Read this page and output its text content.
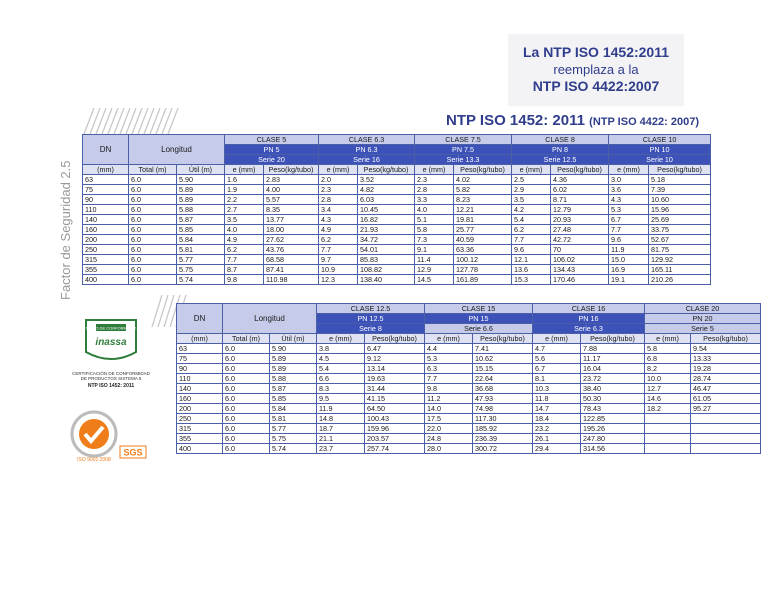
La NTP ISO 1452:2011
reemplaza a la
NTP ISO 4422:2007
NTP ISO 1452: 2011 (NTP ISO 4422: 2007)
Factor de Seguridad 2.5
DN	Longitud		CLASE 5		CLASE 6.3		CLASE 7.5		CLASE 8		CLASE 10	
			PN 5		PN 6.3		PN 7.5		PN 8		PN 10	
			Serie 20		Serie 16		Serie 13.3		Serie 12.5		Serie 10	
(mm)	Total (m)	Útil (m)	e (mm)	Peso(kg/tubo)	e (mm)	Peso(kg/tubo)	e (mm)	Peso(kg/tubo)	e (mm)	Peso(kg/tubo)	e (mm)	Peso(kg/tubo)
63	6.0	5.90	1.6	2.83	2.0	3.52	2.3	4.02	2.5	4.36	3.0	5.18
75	6.0	5.89	1.9	4.00	2.3	4.82	2.8	5.82	2.9	6.02	3.6	7.39
90	6.0	5.89	2.2	5.57	2.8	6.03	3.3	8.23	3.5	8.71	4.3	10.60
110	6.0	5.88	2.7	8.35	3.4	10.45	4.0	12.21	4.2	12.79	5.3	15.96
140	6.0	5.87	3.5	13.77	4.3	16.82	5.1	19.81	5.4	20.93	6.7	25.69
160	6.0	5.85	4.0	18.00	4.9	21.93	5.8	25.77	6.2	27.48	7.7	33.75
200	6.0	5.84	4.9	27.62	6.2	34.72	7.3	40.59	7.7	42.72	9.6	52.67
250	6.0	5.81	6.2	43.76	7.7	54.01	9.1	63.36	9.6	70	11.9	81.75
315	6.0	5.77	7.7	68.58	9.7	85.83	11.4	100.12	12.1	106.02	15.0	129.92
355	6.0	5.75	8.7	87.41	10.9	108.82	12.9	127.78	13.6	134.43	16.9	165.11
400	6.0	5.74	9.8	110.98	12.3	138.40	14.5	161.89	15.3	170.46	19.1	210.26
DN	Longitud		CLASE 12.5		CLASE 15		CLASE 16		CLASE 20	
			PN 12.5		PN 15		PN 16		PN 20	
			Serie 8		Serie 6.6		Serie 6.3		Serie 5	
(mm)	Total (m)	Útil (m)	e (mm)	Peso(kg/tubo)	e (mm)	Peso(kg/tubo)	e (mm)	Peso(kg/tubo)	e (mm)	Peso(kg/tubo)
63	6.0	5.90	3.8	6.47	4.4	7.41	4.7	7.88	5.8	9.54
75	6.0	5.89	4.5	9.12	5.3	10.62	5.6	11.17	6.8	13.33
90	6.0	5.89	5.4	13.14	6.3	15.15	6.7	16.04	8.2	19.28
110	6.0	5.88	6.6	19.63	7.7	22.64	8.1	23.72	10.0	28.74
140	6.0	5.87	8.3	31.44	9.8	36.68	10.3	38.40	12.7	46.47
160	6.0	5.85	9.5	41.15	11.2	47.93	11.8	50.30	14.6	61.05
200	6.0	5.84	11.9	64.50	14.0	74.98	14.7	78.43	18.2	95.27
250	6.0	5.81	14.8	100.43	17.5	117.30	18.4	122.85		
315	6.0	5.77	18.7	159.96	22.0	185.92	23.2	195.26		
355	6.0	5.75	21.1	203.57	24.8	236.39	26.1	247.80		
400	6.0	5.74	23.7	257.74	28.0	300.72	29.4	314.56		
SELLO DE CONFORMIDAD
inassa
CERTIFICACIÓN DE CONFORMIDAD
DE PRODUCTOS SISTEMA 5
NTP ISO 1452: 2011
ISO 9001:2008
SGS
